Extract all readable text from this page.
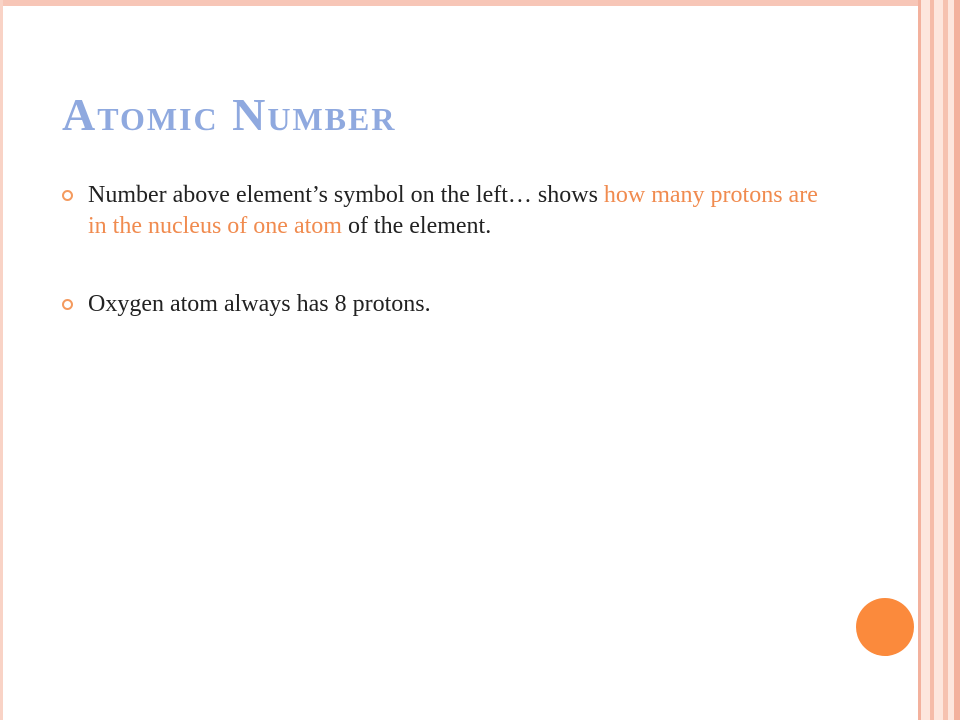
Atomic Number
Number above element’s symbol on the left… shows how many protons are in the nucleus of one atom of the element.
Oxygen atom always has 8 protons.
